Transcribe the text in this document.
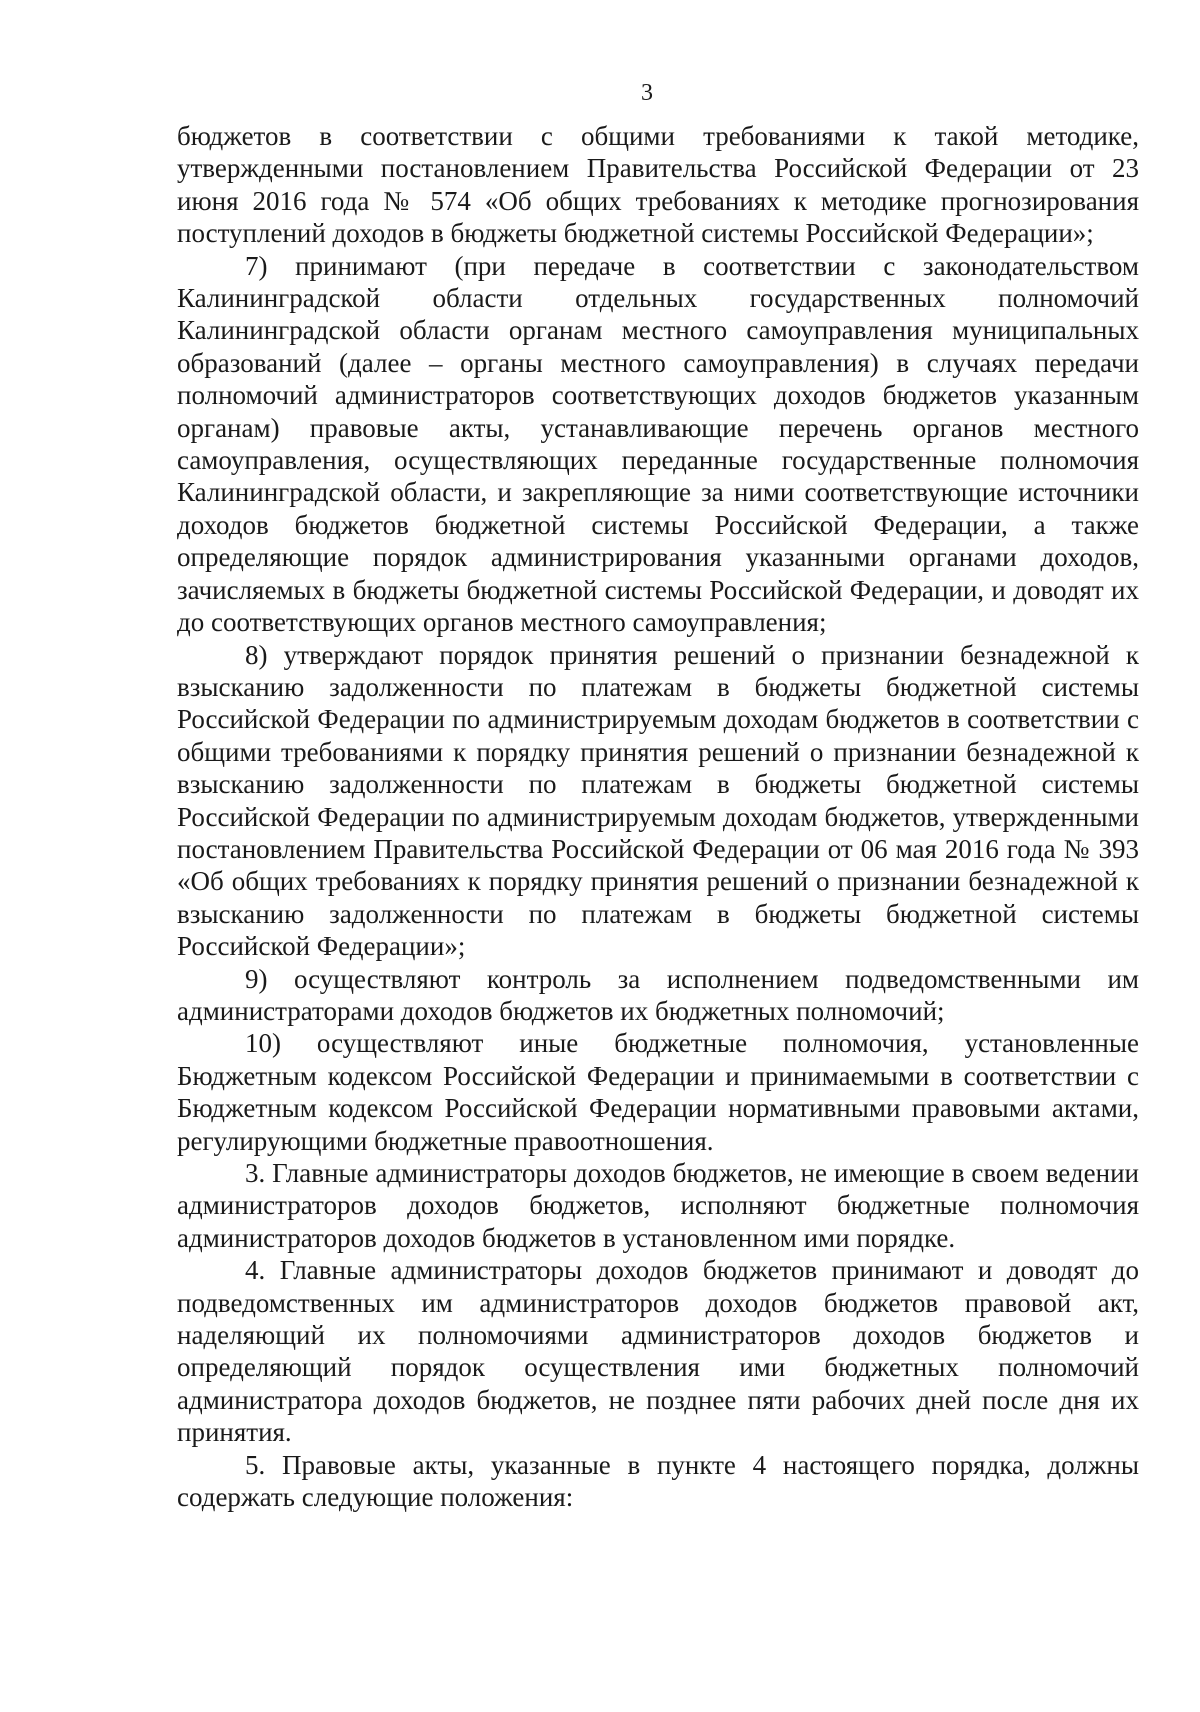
3

бюджетов в соответствии с общими требованиями к такой методике, утвержденными постановлением Правительства Российской Федерации от 23 июня 2016 года № 574 «Об общих требованиях к методике прогнозирования поступлений доходов в бюджеты бюджетной системы Российской Федерации»;

7) принимают (при передаче в соответствии с законодательством Калининградской области отдельных государственных полномочий Калининградской области органам местного самоуправления муниципальных образований (далее – органы местного самоуправления) в случаях передачи полномочий администраторов соответствующих доходов бюджетов указанным органам) правовые акты, устанавливающие перечень органов местного самоуправления, осуществляющих переданные государственные полномочия Калининградской области, и закрепляющие за ними соответствующие источники доходов бюджетов бюджетной системы Российской Федерации, а также определяющие порядок администрирования указанными органами доходов, зачисляемых в бюджеты бюджетной системы Российской Федерации, и доводят их до соответствующих органов местного самоуправления;

8) утверждают порядок принятия решений о признании безнадежной к взысканию задолженности по платежам в бюджеты бюджетной системы Российской Федерации по администрируемым доходам бюджетов в соответствии с общими требованиями к порядку принятия решений о признании безнадежной к взысканию задолженности по платежам в бюджеты бюджетной системы Российской Федерации по администрируемым доходам бюджетов, утвержденными постановлением Правительства Российской Федерации от 06 мая 2016 года № 393 «Об общих требованиях к порядку принятия решений о признании безнадежной к взысканию задолженности по платежам в бюджеты бюджетной системы Российской Федерации»;

9) осуществляют контроль за исполнением подведомственными им администраторами доходов бюджетов их бюджетных полномочий;

10) осуществляют иные бюджетные полномочия, установленные Бюджетным кодексом Российской Федерации и принимаемыми в соответствии с Бюджетным кодексом Российской Федерации нормативными правовыми актами, регулирующими бюджетные правоотношения.

3. Главные администраторы доходов бюджетов, не имеющие в своем ведении администраторов доходов бюджетов, исполняют бюджетные полномочия администраторов доходов бюджетов в установленном ими порядке.

4. Главные администраторы доходов бюджетов принимают и доводят до подведомственных им администраторов доходов бюджетов правовой акт, наделяющий их полномочиями администраторов доходов бюджетов и определяющий порядок осуществления ими бюджетных полномочий администратора доходов бюджетов, не позднее пяти рабочих дней после дня их принятия.

5. Правовые акты, указанные в пункте 4 настоящего порядка, должны содержать следующие положения:
